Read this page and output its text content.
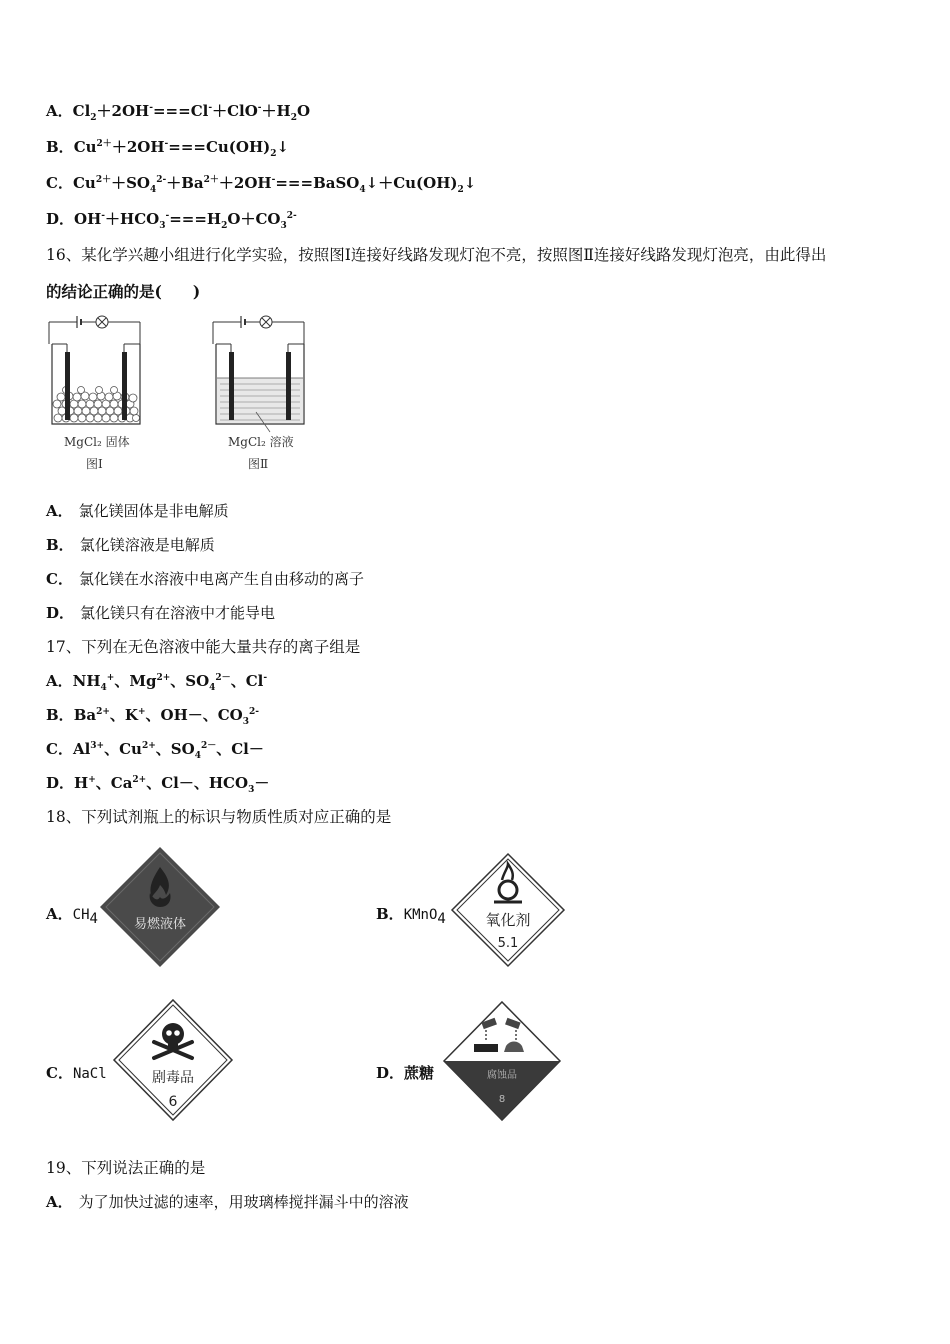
A．$Cl_2+2OH^-===Cl^-+ClO^-+H_2O$
B．$Cu^{2+}+2OH^-===Cu(OH)_2↓$
C．$Cu^{2+}+SO_4^{2-}+Ba^{2+}+2OH^-===BaSO_4↓+Cu(OH)_2↓$
D．$OH^-+HCO_3^-===H_2O+CO_3^{2-}$
16、某化学兴趣小组进行化学实验，按照图Ⅰ连接好线路发现灯泡不亮，按照图Ⅱ连接好线路发现灯泡亮，由此得出
的结论正确的是(　　)
MgCl₂ 固体
图Ⅰ
MgCl₂ 溶液
图Ⅱ
A． 氯化镁固体是非电解质
B． 氯化镁溶液是电解质
C． 氯化镁在水溶液中电离产生自由移动的离子
D． 氯化镁只有在溶液中才能导电
17、下列在无色溶液中能大量共存的离子组是
A．$NH_4^+$、$Mg^{2+}$、$SO_4^{2-}$、Cl-
B．$Ba^{2+}$、K+、OH－、$CO_3^{2-}$
C．$Al^{3+}$、$Cu^{2+}$、$SO_4^{2-}$、Cl－
D．H+、$Ca^{2+}$、Cl－、$HCO_3-$
18、下列试剂瓶上的标识与物质性质对应正确的是
A．$CH_4$	易燃液体
B．KMnO$_4$	氧化剂
5.1
C．NaCl	剧毒品
6
D．蔗糖	腐蚀品
8
19、下列说法正确的是
A． 为了加快过滤的速率，用玻璃棒搅拌漏斗中的溶液
